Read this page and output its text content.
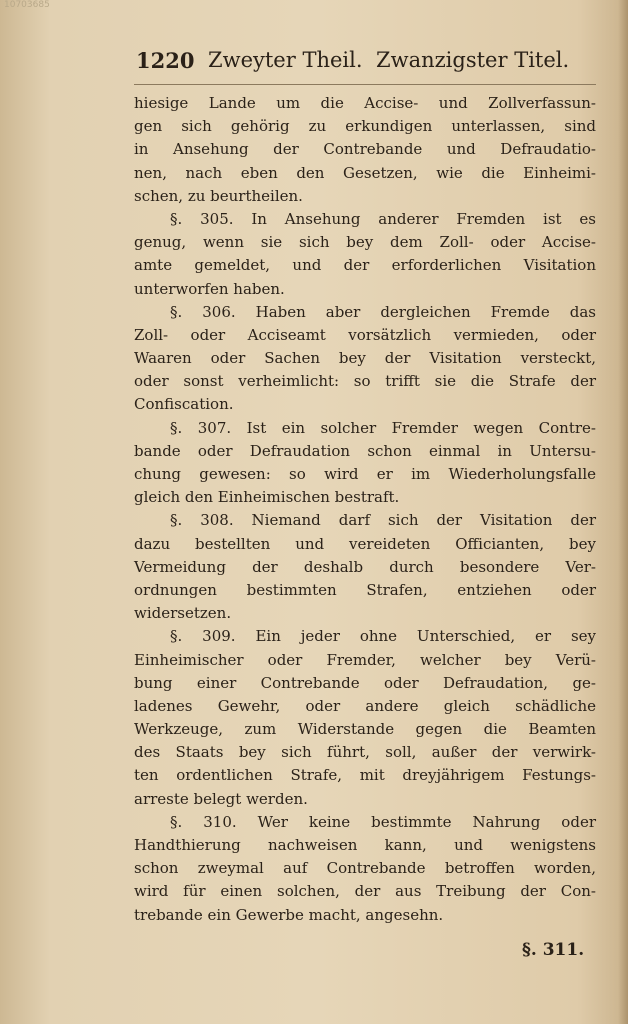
10703685
1220 Zweyter Theil. Zwanzigster Titel.
hiesige Lande um die Accise- und Zollverfassun-
gen sich gehörig zu erkundigen unterlassen, sind
in Ansehung der Contrebande und Defraudatio-
nen, nach eben den Gesetzen, wie die Einheimi-
schen, zu beurtheilen.
§. 305. In Ansehung anderer Fremden ist es
genug, wenn sie sich bey dem Zoll- oder Accise-
amte gemeldet, und der erforderlichen Visitation
unterworfen haben.
§. 306. Haben aber dergleichen Fremde das
Zoll- oder Acciseamt vorsätzlich vermieden, oder
Waaren oder Sachen bey der Visitation versteckt,
oder sonst verheimlicht: so trifft sie die Strafe der
Confiscation.
§. 307. Ist ein solcher Fremder wegen Contre-
bande oder Defraudation schon einmal in Untersu-
chung gewesen: so wird er im Wiederholungsfalle
gleich den Einheimischen bestraft.
§. 308. Niemand darf sich der Visitation der
dazu bestellten und vereideten Officianten, bey
Vermeidung der deshalb durch besondere Ver-
ordnungen bestimmten Strafen, entziehen oder
widersetzen.
§. 309. Ein jeder ohne Unterschied, er sey
Einheimischer oder Fremder, welcher bey Verü-
bung einer Contrebande oder Defraudation, ge-
ladenes Gewehr, oder andere gleich schädliche
Werkzeuge, zum Widerstande gegen die Beamten
des Staats bey sich führt, soll, außer der verwirk-
ten ordentlichen Strafe, mit dreyjährigem Festungs-
arreste belegt werden.
§. 310. Wer keine bestimmte Nahrung oder
Handthierung nachweisen kann, und wenigstens
schon zweymal auf Contrebande betroffen worden,
wird für einen solchen, der aus Treibung der Con-
trebande ein Gewerbe macht, angesehn.
§. 311.
